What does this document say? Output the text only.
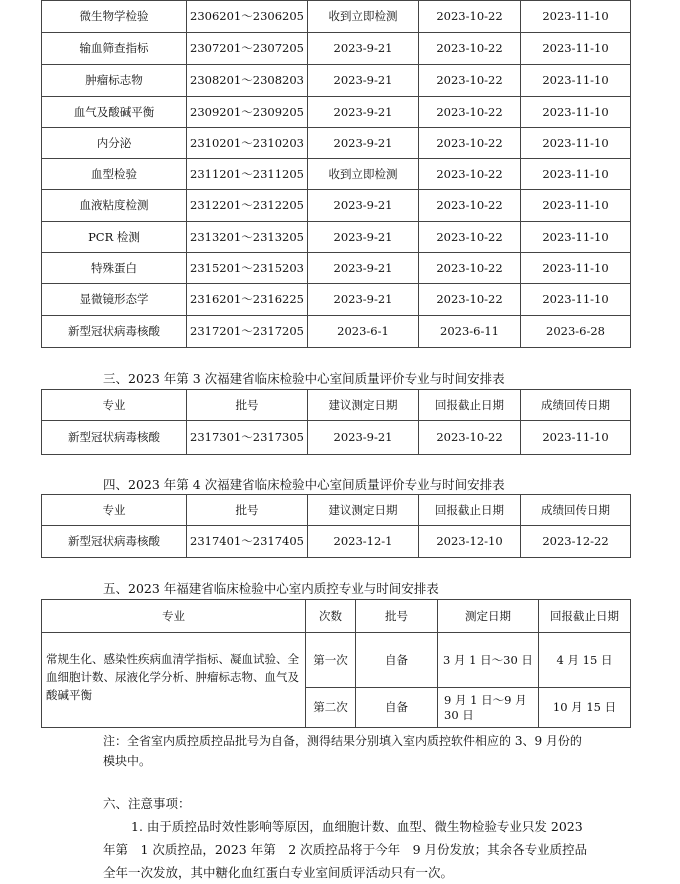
微生物学检验	2306201～2306205	收到立即检测	2023-10-22	2023-11-10
输血筛查指标	2307201～2307205	2023-9-21	2023-10-22	2023-11-10
肿瘤标志物	2308201～2308203	2023-9-21	2023-10-22	2023-11-10
血气及酸碱平衡	2309201～2309205	2023-9-21	2023-10-22	2023-11-10
内分泌	2310201～2310203	2023-9-21	2023-10-22	2023-11-10
血型检验	2311201～2311205	收到立即检测	2023-10-22	2023-11-10
血液粘度检测	2312201～2312205	2023-9-21	2023-10-22	2023-11-10
PCR 检测	2313201～2313205	2023-9-21	2023-10-22	2023-11-10
特殊蛋白	2315201～2315203	2023-9-21	2023-10-22	2023-11-10
显微镜形态学	2316201～2316225	2023-9-21	2023-10-22	2023-11-10
新型冠状病毒核酸	2317201～2317205	2023-6-1	2023-6-11	2023-6-28
三、2023 年第 3 次福建省临床检验中心室间质量评价专业与时间安排表
专业	批号	建议测定日期	回报截止日期	成绩回传日期
新型冠状病毒核酸	2317301～2317305	2023-9-21	2023-10-22	2023-11-10
四、2023 年第 4 次福建省临床检验中心室间质量评价专业与时间安排表
专业	批号	建议测定日期	回报截止日期	成绩回传日期
新型冠状病毒核酸	2317401～2317405	2023-12-1	2023-12-10	2023-12-22
五、2023 年福建省临床检验中心室内质控专业与时间安排表
专业	次数	批号	测定日期	回报截止日期
常规生化、感染性疾病血清学指标、凝血试验、全血细胞计数、尿液化学分析、肿瘤标志物、血气及酸碱平衡	第一次	自备	3 月 1 日～30 日	4 月 15 日
	第二次	自备	9 月 1 日～9 月 30 日	10 月 15 日
注：全省室内质控质控品批号为自备，测得结果分别填入室内质控软件相应的 3、9 月份的模块中。
六、注意事项：
1. 由于质控品时效性影响等原因，血细胞计数、血型、微生物检验专业只发 2023 年第　1 次质控品，2023 年第　2 次质控品将于今年　9 月份发放；其余各专业质控品全年一次发放，其中糖化血红蛋白专业室间质评活动只有一次。
